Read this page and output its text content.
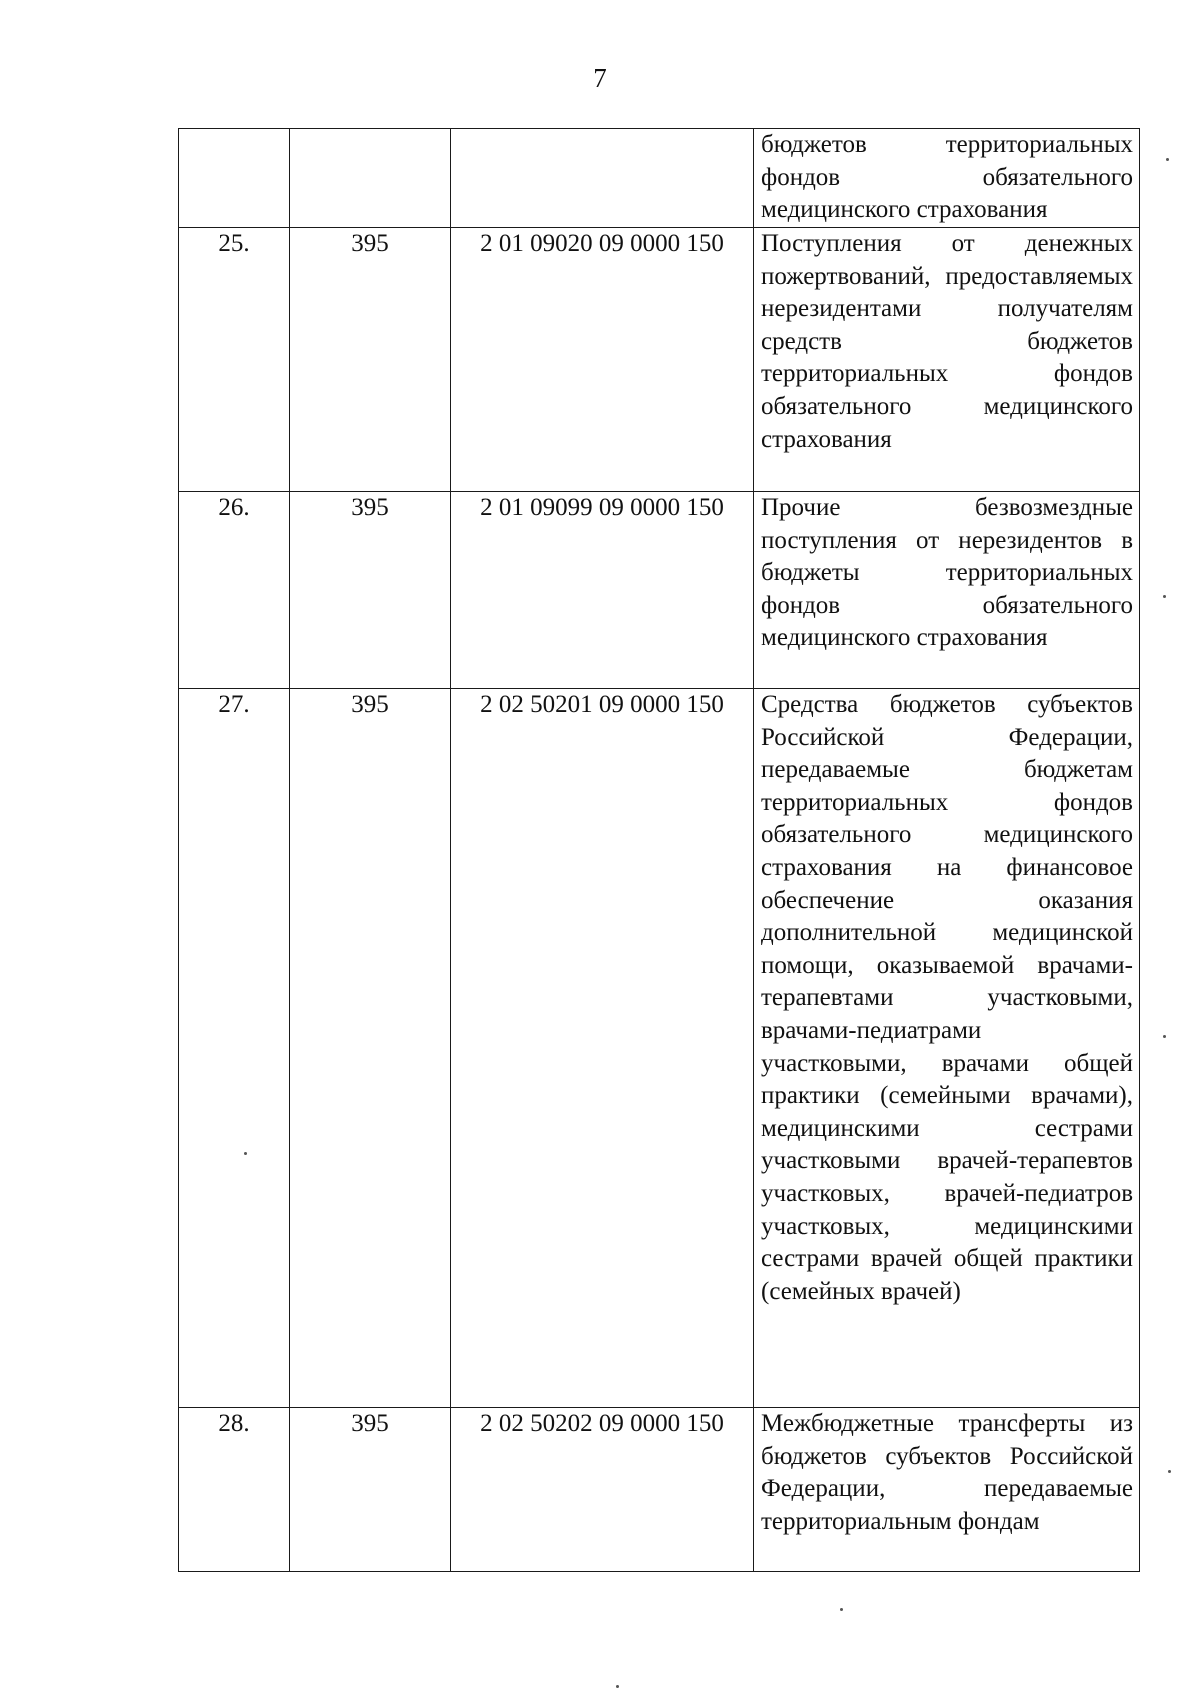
7

			бюджетов территориальных фондов обязательного медицинского страхования

25.	395	2 01 09020 09 0000 150	Поступления от денежных пожертвований, предоставляемых нерезидентами получателям средств бюджетов территориальных фондов обязательного медицинского страхования

26.	395	2 01 09099 09 0000 150	Прочие безвозмездные поступления от нерезидентов в бюджеты территориальных фондов обязательного медицинского страхования

27.	395	2 02 50201 09 0000 150	Средства бюджетов субъектов Российской Федерации, передаваемые бюджетам территориальных фондов обязательного медицинского страхования на финансовое обеспечение оказания дополнительной медицинской помощи, оказываемой врачами-терапевтами участковыми, врачами-педиатрами участковыми, врачами общей практики (семейными врачами), медицинскими сестрами участковыми врачей-терапевтов участковых, врачей-педиатров участковых, медицинскими сестрами врачей общей практики (семейных врачей)

28.	395	2 02 50202 09 0000 150	Межбюджетные трансферты из бюджетов субъектов Российской Федерации, передаваемые территориальным фондам
